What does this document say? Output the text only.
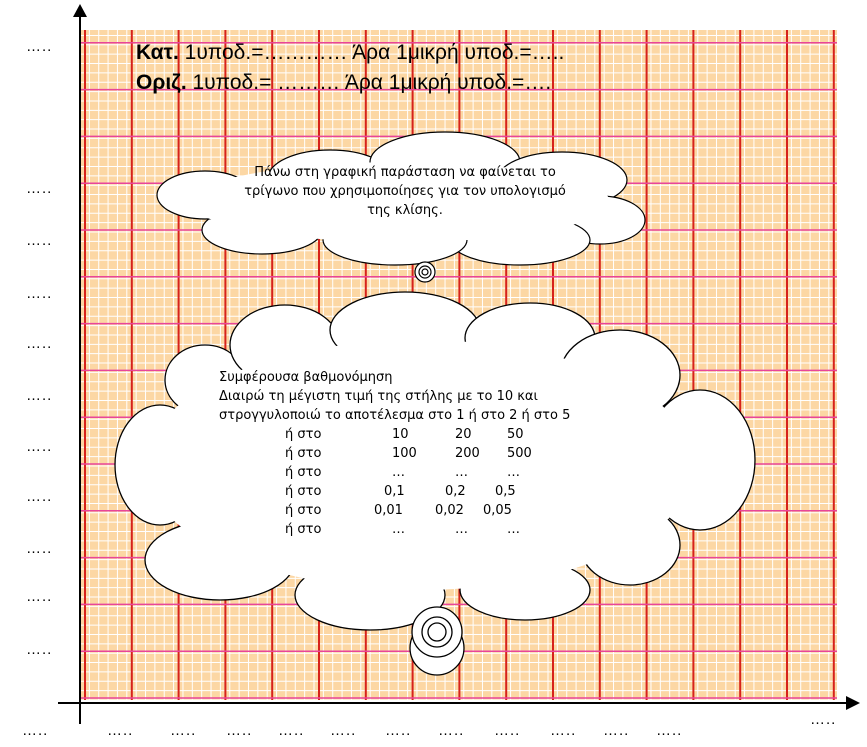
Κατ. 1υποδ.=………… Άρα 1μικρή υποδ.=…..
Οριζ. 1υποδ.= ……… Άρα 1μικρή υποδ.=….
…..
…..
…..
…..
…..
…..
…..
…..
…..
…..
…..
…..	….. ….. ….. ….. ….. ….. ….. ….. ….. ….. …..
…..
Πάνω στη γραφική παράσταση να φαίνεται το
τρίγωνο που χρησιμοποίησες για τον υπολογισμό
της κλίσης.
Συμφέρουσα βαθμονόμηση
Διαιρώ τη μέγιστη τιμή της στήλης με το 10 και
στρογγυλοποιώ το αποτέλεσμα στο 1 ή στο 2 ή στο 5
ή στο	10	20	50
ή στο	100	200 500
ή στο	…	…	…
ή στο	0,1	0,2 0,5
ή στο	0,01 0,02 0,05
ή στο	…	…	…
